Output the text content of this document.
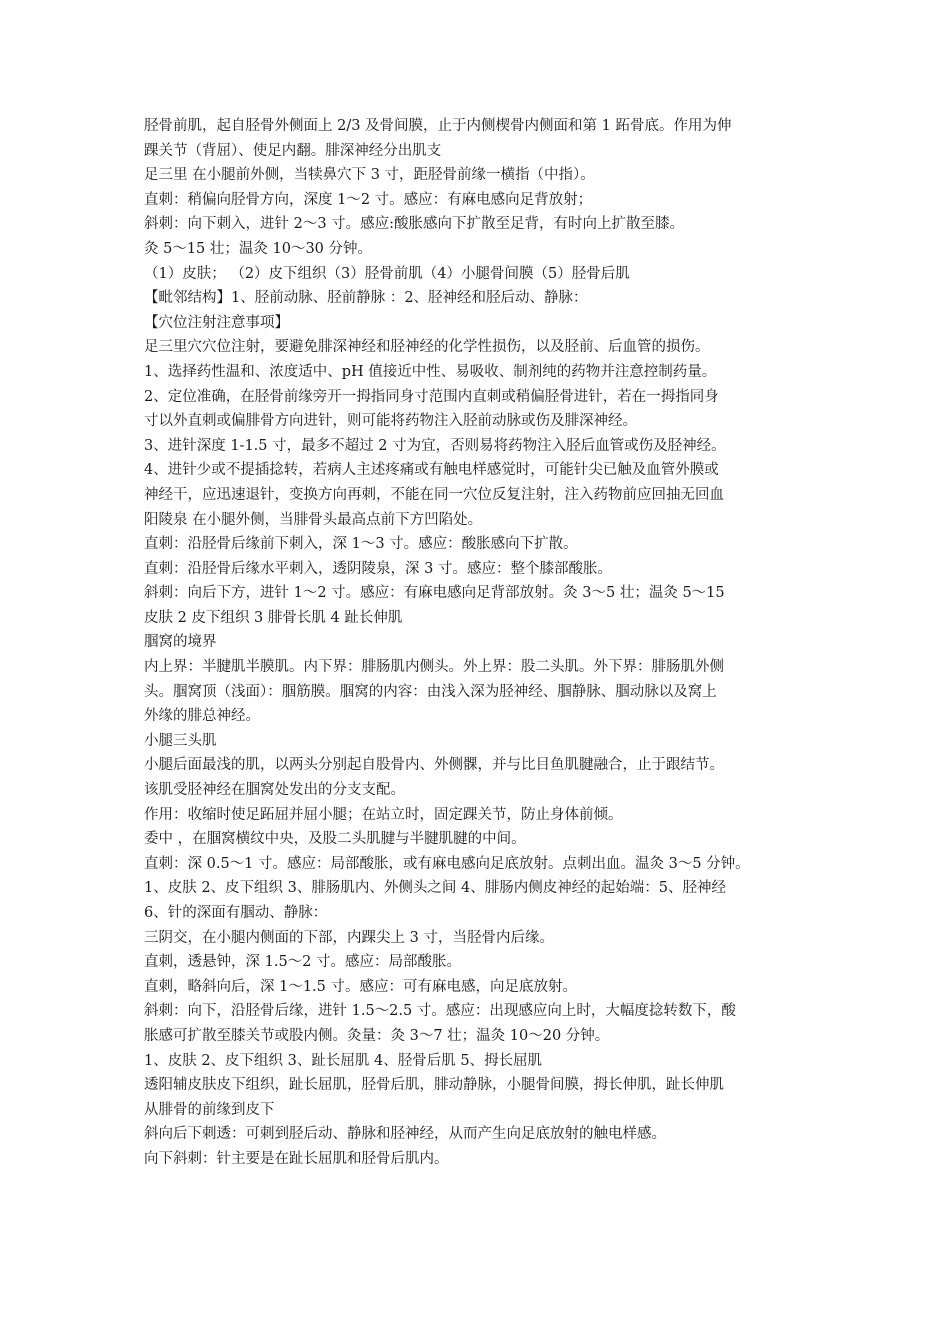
胫骨前肌，起自胫骨外侧面上 2/3 及骨间膜，止于内侧楔骨内侧面和第 1 跖骨底。作用为伸
踝关节（背屈）、使足内翻。腓深神经分出肌支
足三里 在小腿前外侧，当犊鼻穴下 3 寸，距胫骨前缘一横指（中指）。
直刺：稍偏向胫骨方向，深度 1～2 寸。感应：有麻电感向足背放射；
斜刺：向下刺入，进针 2～3 寸。感应:酸胀感向下扩散至足背，有时向上扩散至膝。
灸 5～15 壮；温灸 10～30 分钟。
（1）皮肤； （2）皮下组织（3）胫骨前肌（4）小腿骨间膜（5）胫骨后肌
【毗邻结构】1、胫前动脉、胫前静脉 ：2、胫神经和胫后动、静脉：
【穴位注射注意事项】
足三里穴穴位注射，要避免腓深神经和胫神经的化学性损伤，以及胫前、后血管的损伤。
1、选择药性温和、浓度适中、pH 值接近中性、易吸收、制剂纯的药物并注意控制药量。
2、定位准确，在胫骨前缘旁开一拇指同身寸范围内直刺或稍偏胫骨进针，若在一拇指同身
寸以外直刺或偏腓骨方向进针，则可能将药物注入胫前动脉或伤及腓深神经。
3、进针深度 1-1.5 寸，最多不超过 2 寸为宜，否则易将药物注入胫后血管或伤及胫神经。
4、进针少或不提插捻转，若病人主述疼痛或有触电样感觉时，可能针尖已触及血管外膜或
神经干，应迅速退针，变换方向再刺，不能在同一穴位反复注射，注入药物前应回抽无回血
阳陵泉 在小腿外侧，当腓骨头最高点前下方凹陷处。
直刺：沿胫骨后缘前下刺入，深 1～3 寸。感应：酸胀感向下扩散。
直刺：沿胫骨后缘水平刺入，透阴陵泉，深 3 寸。感应：整个膝部酸胀。
斜刺：向后下方，进针 1～2 寸。感应：有麻电感向足背部放射。灸 3～5 壮；温灸 5～15
皮肤 2 皮下组织 3 腓骨长肌 4 趾长伸肌
腘窝的境界
内上界：半腱肌半膜肌。内下界：腓肠肌内侧头。外上界：股二头肌。外下界：腓肠肌外侧
头。腘窝顶（浅面）：腘筋膜。腘窝的内容：由浅入深为胫神经、腘静脉、腘动脉以及窝上
外缘的腓总神经。
小腿三头肌
小腿后面最浅的肌，以两头分别起自股骨内、外侧髁，并与比目鱼肌腱融合，止于跟结节。
该肌受胫神经在腘窝处发出的分支支配。
作用：收缩时使足跖屈并屈小腿；在站立时，固定踝关节，防止身体前倾。
委中 ，在腘窝横纹中央，及股二头肌腱与半腱肌腱的中间。
直刺：深 0.5～1 寸。感应：局部酸胀，或有麻电感向足底放射。点刺出血。温灸 3～5 分钟。
1、皮肤 2、皮下组织 3、腓肠肌内、外侧头之间 4、腓肠内侧皮神经的起始端：5、胫神经
6、针的深面有腘动、静脉：
三阴交，在小腿内侧面的下部，内踝尖上 3 寸，当胫骨内后缘。
直刺，透悬钟，深 1.5～2 寸。感应：局部酸胀。
直刺，略斜向后，深 1～1.5 寸。感应：可有麻电感，向足底放射。
斜刺：向下，沿胫骨后缘，进针 1.5～2.5 寸。感应：出现感应向上时，大幅度捻转数下，酸
胀感可扩散至膝关节或股内侧。灸量：灸 3～7 壮；温灸 10～20 分钟。
1、皮肤 2、皮下组织 3、趾长屈肌 4、胫骨后肌 5、拇长屈肌
透阳辅皮肤皮下组织，趾长屈肌，胫骨后肌，腓动静脉，小腿骨间膜，拇长伸肌，趾长伸肌
从腓骨的前缘到皮下
斜向后下刺透：可刺到胫后动、静脉和胫神经，从而产生向足底放射的触电样感。
向下斜刺：针主要是在趾长屈肌和胫骨后肌内。
